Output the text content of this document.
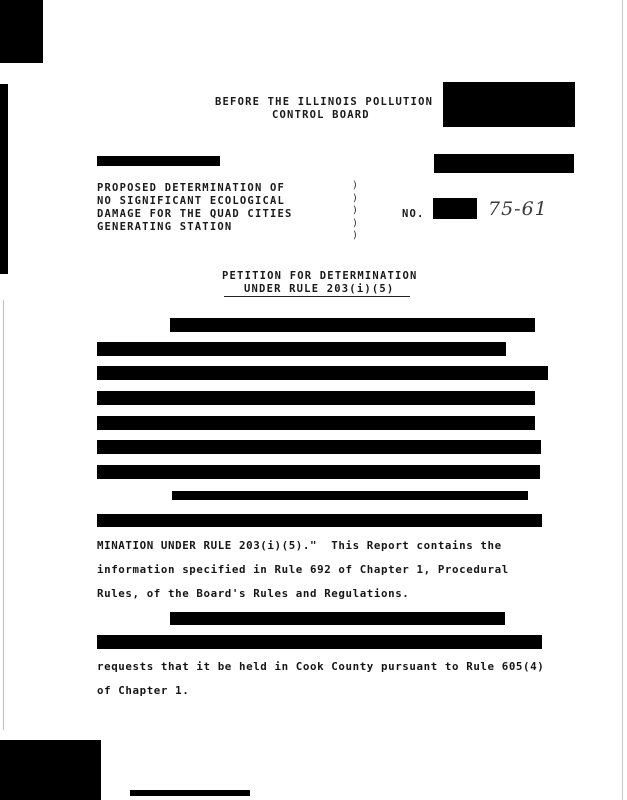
BEFORE THE ILLINOIS POLLUTION
CONTROL BOARD
PROPOSED DETERMINATION OF
NO SIGNIFICANT ECOLOGICAL
DAMAGE FOR THE QUAD CITIES
GENERATING STATION
)
)
)
)
)
NO.	75-61
PETITION FOR DETERMINATION
UNDER RULE 203(i)(5)
MINATION UNDER RULE 203(i)(5)."  This Report contains the
information specified in Rule 692 of Chapter 1, Procedural
Rules, of the Board's Rules and Regulations.
requests that it be held in Cook County pursuant to Rule 605(4)
of Chapter 1.
